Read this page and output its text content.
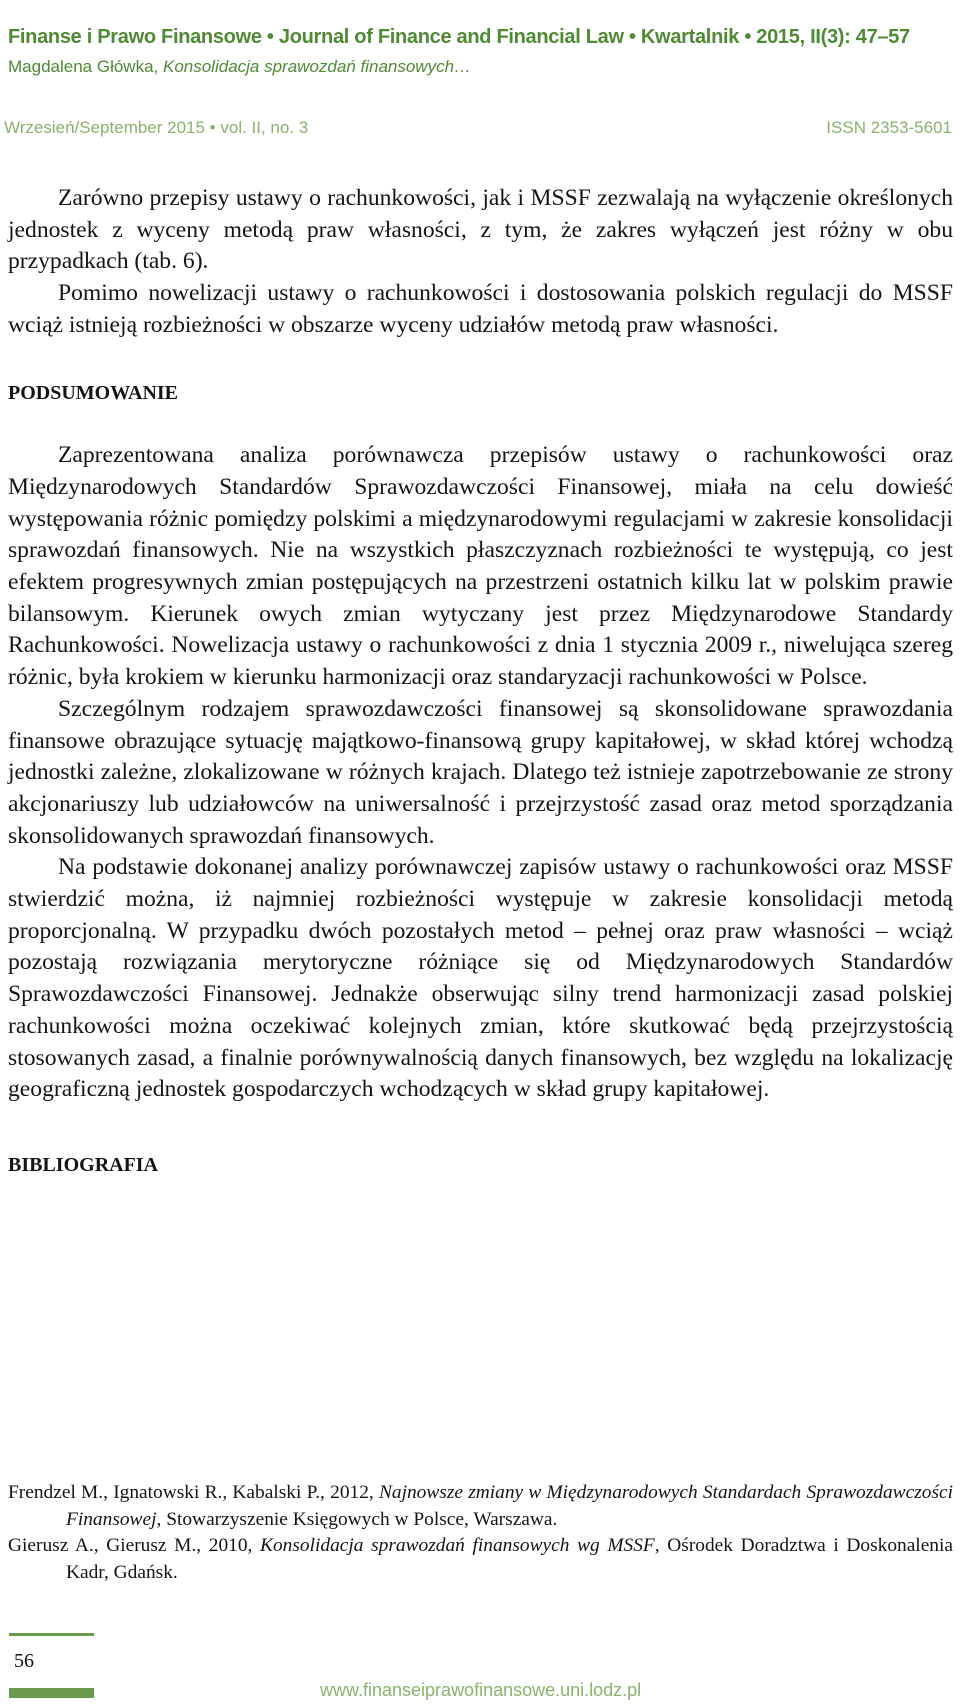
Finanse i Prawo Finansowe • Journal of Finance and Financial Law • Kwartalnik • 2015, II(3): 47–57
Magdalena Główka, Konsolidacja sprawozdań finansowych…
Wrzesień/September 2015 • vol. II, no. 3	ISSN 2353-5601

Zarówno przepisy ustawy o rachunkowości, jak i MSSF zezwalają na wyłączenie określonych jednostek z wyceny metodą praw własności, z tym, że zakres wyłączeń jest różny w obu przypadkach (tab. 6).

Pomimo nowelizacji ustawy o rachunkowości i dostosowania polskich regulacji do MSSF wciąż istnieją rozbieżności w obszarze wyceny udziałów metodą praw własności.

PODSUMOWANIE

Zaprezentowana analiza porównawcza przepisów ustawy o rachunkowości oraz Międzynarodowych Standardów Sprawozdawczości Finansowej, miała na celu dowieść występowania różnic pomiędzy polskimi a międzynarodowymi regulacjami w zakresie konsolidacji sprawozdań finansowych. Nie na wszystkich płaszczyznach rozbieżności te występują, co jest efektem progresywnych zmian postępujących na przestrzeni ostatnich kilku lat w polskim prawie bilansowym. Kierunek owych zmian wytyczany jest przez Międzynarodowe Standardy Rachunkowości. Nowelizacja ustawy o rachunkowości z dnia 1 stycznia 2009 r., niwelująca szereg różnic, była krokiem w kierunku harmonizacji oraz standaryzacji rachunkowości w Polsce.

Szczególnym rodzajem sprawozdawczości finansowej są skonsolidowane sprawozdania finansowe obrazujące sytuację majątkowo-finansową grupy kapitałowej, w skład której wchodzą jednostki zależne, zlokalizowane w różnych krajach. Dlatego też istnieje zapotrzebowanie ze strony akcjonariuszy lub udziałowców na uniwersalność i przejrzystość zasad oraz metod sporządzania skonsolidowanych sprawozdań finansowych.

Na podstawie dokonanej analizy porównawczej zapisów ustawy o rachunkowości oraz MSSF stwierdzić można, iż najmniej rozbieżności występuje w zakresie konsolidacji metodą proporcjonalną. W przypadku dwóch pozostałych metod – pełnej oraz praw własności – wciąż pozostają rozwiązania merytoryczne różniące się od Międzynarodowych Standardów Sprawozdawczości Finansowej. Jednakże obserwując silny trend harmonizacji zasad polskiej rachunkowości można oczekiwać kolejnych zmian, które skutkować będą przejrzystością stosowanych zasad, a finalnie porównywalnością danych finansowych, bez względu na lokalizację geograficzną jednostek gospodarczych wchodzących w skład grupy kapitałowej.

BIBLIOGRAFIA

Frendzel M., Ignatowski R., Kabalski P., 2012, Najnowsze zmiany w Międzynarodowych Standardach Sprawozdawczości Finansowej, Stowarzyszenie Księgowych w Polsce, Warszawa.

Gierusz A., Gierusz M., 2010, Konsolidacja sprawozdań finansowych wg MSSF, Ośrodek Doradztwa i Doskonalenia Kadr, Gdańsk.

56
www.finanseiprawofinansowe.uni.lodz.pl
